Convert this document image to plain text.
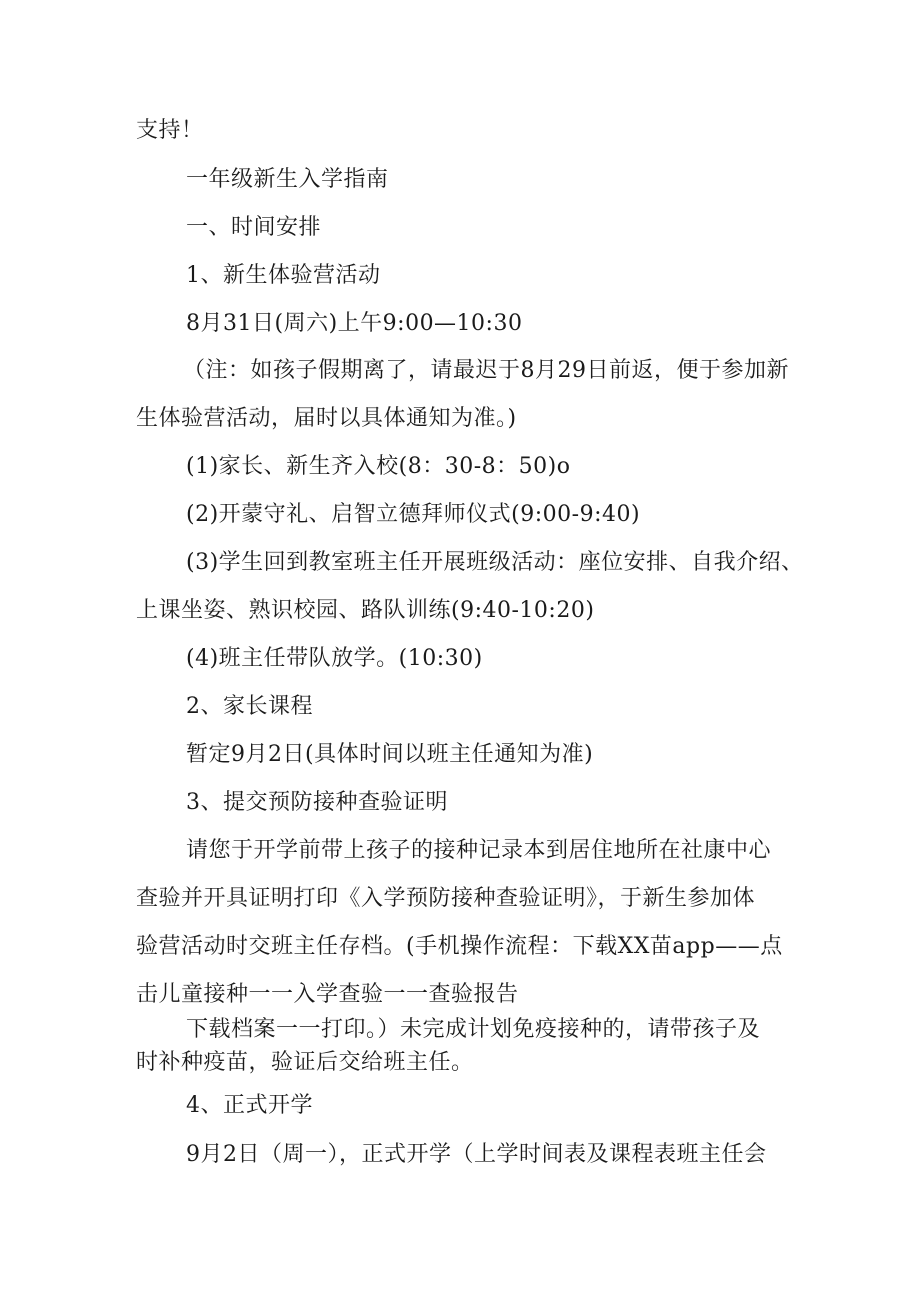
支持！
一年级新生入学指南
一、时间安排
1、新生体验营活动
8月31日(周六)上午9:00—10:30
（注：如孩子假期离了，请最迟于8月29日前返，便于参加新
生体验营活动，届时以具体通知为准。)
(1)家长、新生齐入校(8：30-8：50)o
(2)开蒙守礼、启智立德拜师仪式(9:00-9:40)
(3)学生回到教室班主任开展班级活动：座位安排、自我介绍、
上课坐姿、熟识校园、路队训练(9:40-10:20)
(4)班主任带队放学。(10:30)
2、家长课程
暂定9月2日(具体时间以班主任通知为准)
3、提交预防接种查验证明
请您于开学前带上孩子的接种记录本到居住地所在社康中心
查验并开具证明打印《入学预防接种查验证明》，于新生参加体
验营活动时交班主任存档。(手机操作流程：下载XX苗app——点
击儿童接种一一入学查验一一查验报告
下载档案一一打印。）未完成计划免疫接种的，请带孩子及
时补种疫苗，验证后交给班主任。
4、正式开学
9月2日（周一），正式开学（上学时间表及课程表班主任会
